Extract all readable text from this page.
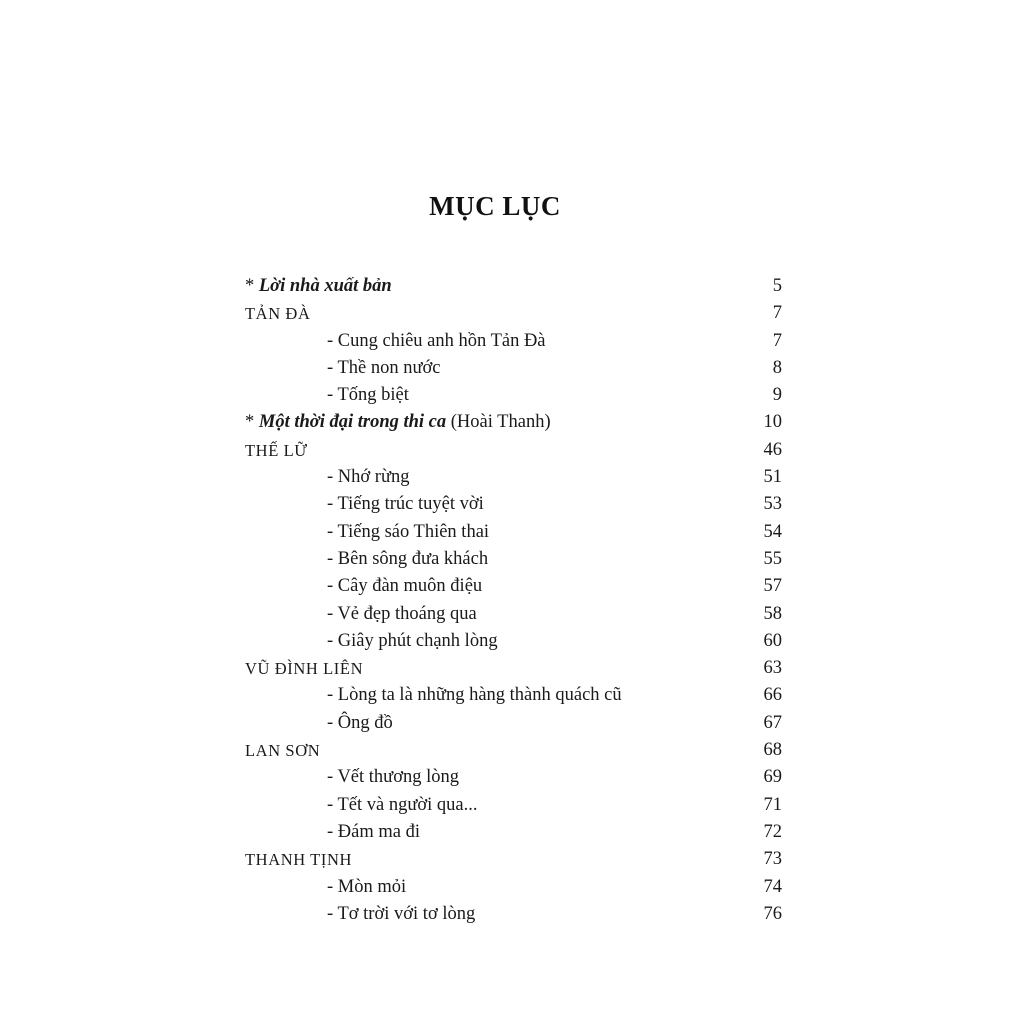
MỤC LỤC
* Lời nhà xuất bản	5
TẢN ĐÀ	7
- Cung chiêu anh hồn Tản Đà	7
- Thề non nước	8
- Tống biệt	9
* Một thời đại trong thi ca (Hoài Thanh)	10
THẾ LỮ	46
- Nhớ rừng	51
- Tiếng trúc tuyệt vời	53
- Tiếng sáo Thiên thai	54
- Bên sông đưa khách	55
- Cây đàn muôn điệu	57
- Vẻ đẹp thoáng qua	58
- Giây phút chạnh lòng	60
VŨ ĐÌNH LIÊN	63
- Lòng ta là những hàng thành quách cũ	66
- Ông đồ	67
LAN SƠN	68
- Vết thương lòng	69
- Tết và người qua...	71
- Đám ma đi	72
THANH TỊNH	73
- Mòn mỏi	74
- Tơ trời với tơ lòng	76
